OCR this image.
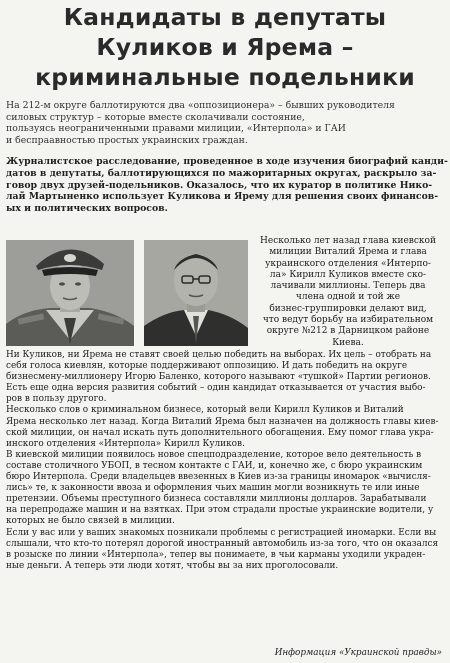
Кандидаты в депутаты
Куликов и Ярема –
криминальные подельники
На 212-м округе баллотируются два «оппозиционера» – бывших руководителя
силовых структур – которые вместе сколачивали состояние,
пользуясь неограниченными правами милиции, «Интерпола» и ГАИ
и беспраавностью простых украинских граждан.
Журналистское расследование, проведенное в ходе изучения биографий канди-
датов в депутаты, баллотирующихся по мажоритарных округах, раскрыло за-
говор двух друзей-подельников. Оказалось, что их куратор в политике Нико-
лай Мартыненко использует Куликова и Ярему для решения своих финансов-
ых и политических вопросов.
Несколько лет назад глава киевской
милиции Виталий Ярема и глава
украинского отделения «Интерпо-
ла» Кирилл Куликов вместе ско-
лачивали миллионы. Теперь два
члена одной и той же
бизнес-группировки делают вид,
что ведут борьбу на избирательном
округе №212 в Дарницком районе
Киева.
Ни Куликов, ни Ярема не ставят своей целью победить на выборах. Их цель – отобрать на
себя голоса киевлян, которые поддерживают оппозицию. И дать победить на округе
бизнесмену-миллионеру Игорю Баленко, которого называют «тушкой» Партии регионов.
Есть еще одна версия развития событий – один кандидат отказывается от участия выбо-
ров в пользу другого.
Несколько слов о криминальном бизнесе, который вели Кирилл Куликов и Виталий
Ярема несколько лет назад. Когда Виталий Ярема был назначен на должность главы киев-
ской милиции, он начал искать путь дополнительного обогащения. Ему помог глава укра-
инского отделения «Интерпола» Кирилл Куликов.
В киевской милиции появилось новое спецподразделение, которое вело деятельность в
составе столичного УБОП, в тесном контакте с ГАИ, и, конечно же, с бюро украинским
бюро Интерпола. Среди владельцев ввезенных в Киев из-за границы иномарок «вычисля-
лись» те, к законности ввоза и оформления чьих машин могли возникнуть те или иные
претензии. Объемы преступного бизнеса составляли миллионы долларов. Зарабатывали
на перепродаже машин и на взятках. При этом страдали простые украинские водители, у
которых не было связей в милиции.
Если у вас или у ваших знакомых позникали проблемы с регистрацией иномарки. Если вы
слышали, что кто-то потерял дорогой иностранный автомобиль из-за того, что он оказался
в розыске по линии «Интерпола», тепер вы понимаете, в чьи карманы уходили украден-
ные деньги. А теперь эти люди хотят, чтобы вы за них проголосовали.
Информация «Украинской правды»
